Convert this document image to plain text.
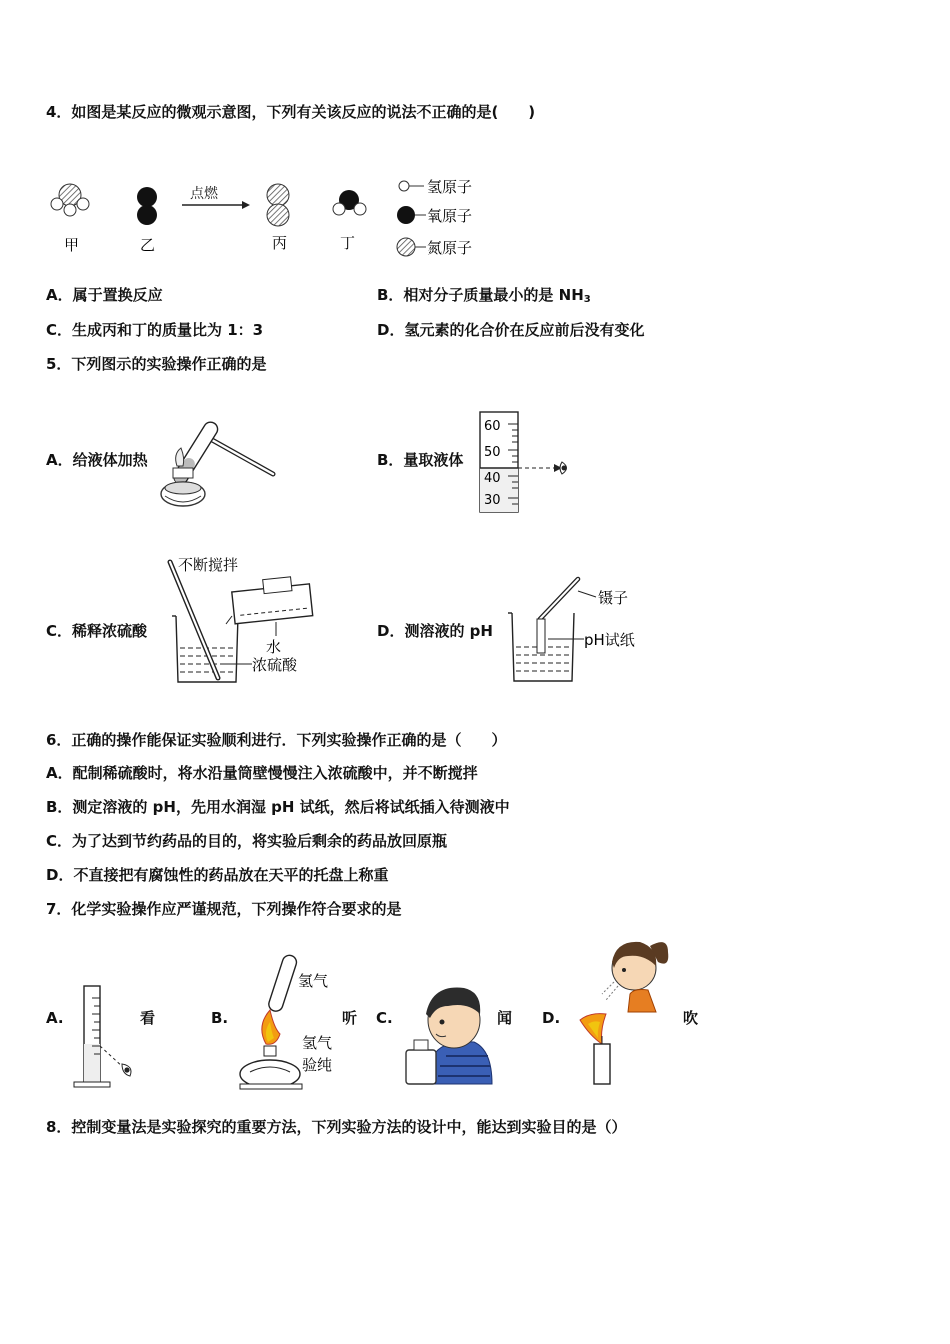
4．如图是某反应的微观示意图，下列有关该反应的说法不正确的是(　　)
点燃
甲	乙	丙	丁
氢原子
氧原子
氮原子
A．属于置换反应	B．相对分子质量最小的是 $NH_3$
C．生成丙和丁的质量比为 1：3	D．氢元素的化合价在反应前后没有变化
5．下列图示的实验操作正确的是
A．给液体加热	B．量取液体
60
50
40
30
C．稀释浓硫酸
不断搅拌
水
浓硫酸
D．测溶液的 pH
镊子
pH试纸
6．正确的操作能保证实验顺利进行．下列实验操作正确的是（　　）
A．配制稀硫酸时，将水沿量筒壁慢慢注入浓硫酸中，并不断搅拌
B．测定溶液的 pH，先用水润湿 pH 试纸，然后将试纸插入待测液中
C．为了达到节约药品的目的，将实验后剩余的药品放回原瓶
D．不直接把有腐蚀性的药品放在天平的托盘上称重
7．化学实验操作应严谨规范，下列操作符合要求的是
A.	看	B.
氢气
氢气
验纯
听 C.	闻 D.	吹
8．控制变量法是实验探究的重要方法，下列实验方法的设计中，能达到实验目的是（）
